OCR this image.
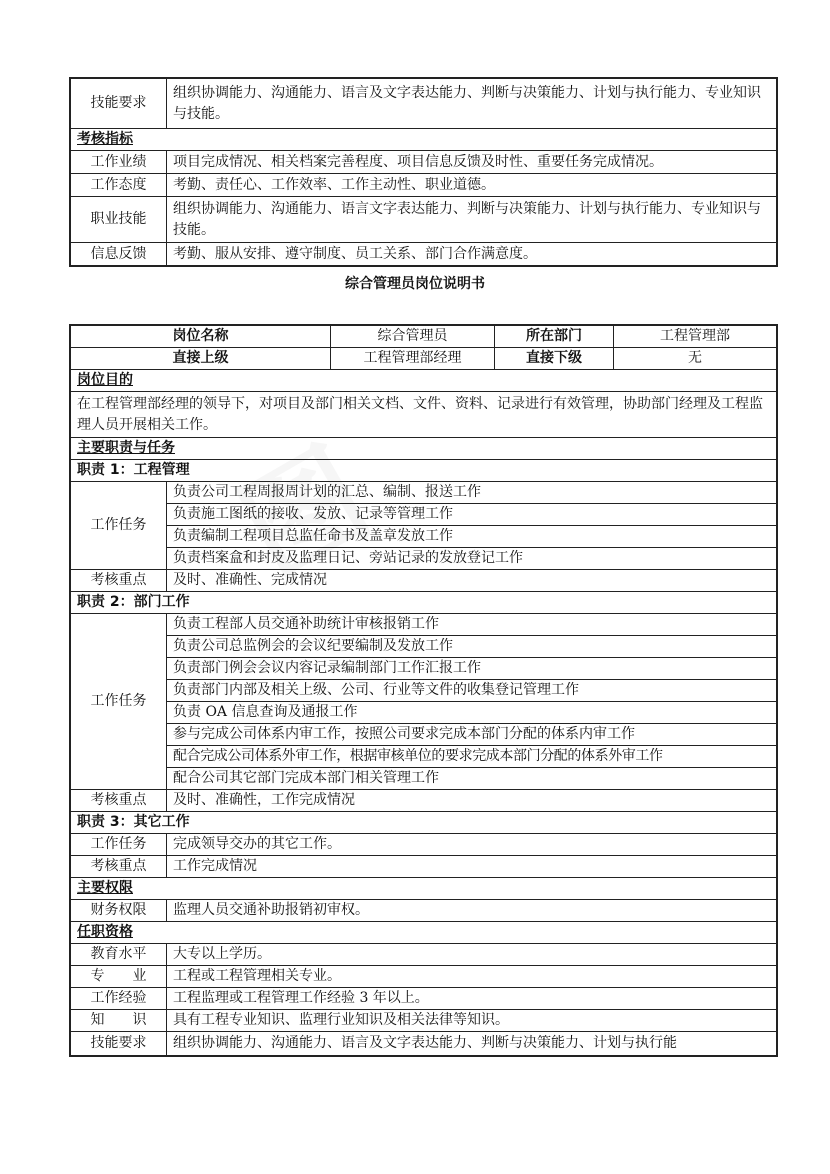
技能要求	组织协调能力、沟通能力、语言及文字表达能力、判断与决策能力、计划与执行能力、专业知识与技能。
考核指标	
工作业绩	项目完成情况、相关档案完善程度、项目信息反馈及时性、重要任务完成情况。
工作态度	考勤、责任心、工作效率、工作主动性、职业道德。
职业技能	组织协调能力、沟通能力、语言文字表达能力、判断与决策能力、计划与执行能力、专业知识与技能。
信息反馈	考勤、服从安排、遵守制度、员工关系、部门合作满意度。
综合管理员岗位说明书
岗位名称		综合管理员	所在部门	工程管理部
直接上级		工程管理部经理	直接下级	无
岗位目的				
在工程管理部经理的领导下，对项目及部门相关文档、文件、资料、记录进行有效管理，协助部门经理及工程监理人员开展相关工作。				
主要职责与任务				
职责 1：工程管理				
工作任务	负责公司工程周报周计划的汇总、编制、报送工作			
	负责施工图纸的接收、发放、记录等管理工作			
	负责编制工程项目总监任命书及盖章发放工作			
	负责档案盒和封皮及监理日记、旁站记录的发放登记工作			
考核重点	及时、准确性、完成情况			
职责 2：部门工作				
工作任务	负责工程部人员交通补助统计审核报销工作			
	负责公司总监例会的会议纪要编制及发放工作			
	负责部门例会会议内容记录编制部门工作汇报工作			
	负责部门内部及相关上级、公司、行业等文件的收集登记管理工作			
	负责 OA 信息查询及通报工作			
	参与完成公司体系内审工作，按照公司要求完成本部门分配的体系内审工作			
	配合完成公司体系外审工作，根据审核单位的要求完成本部门分配的体系外审工作			
	配合公司其它部门完成本部门相关管理工作			
考核重点	及时、准确性，工作完成情况			
职责 3：其它工作				
工作任务	完成领导交办的其它工作。			
考核重点	工作完成情况			
主要权限				
财务权限	监理人员交通补助报销初审权。			
任职资格				
教育水平	大专以上学历。			
专　　业	工程或工程管理相关专业。			
工作经验	工程监理或工程管理工作经验 3 年以上。			
知　　识	具有工程专业知识、监理行业知识及相关法律等知识。			
技能要求	组织协调能力、沟通能力、语言及文字表达能力、判断与决策能力、计划与执行能			
